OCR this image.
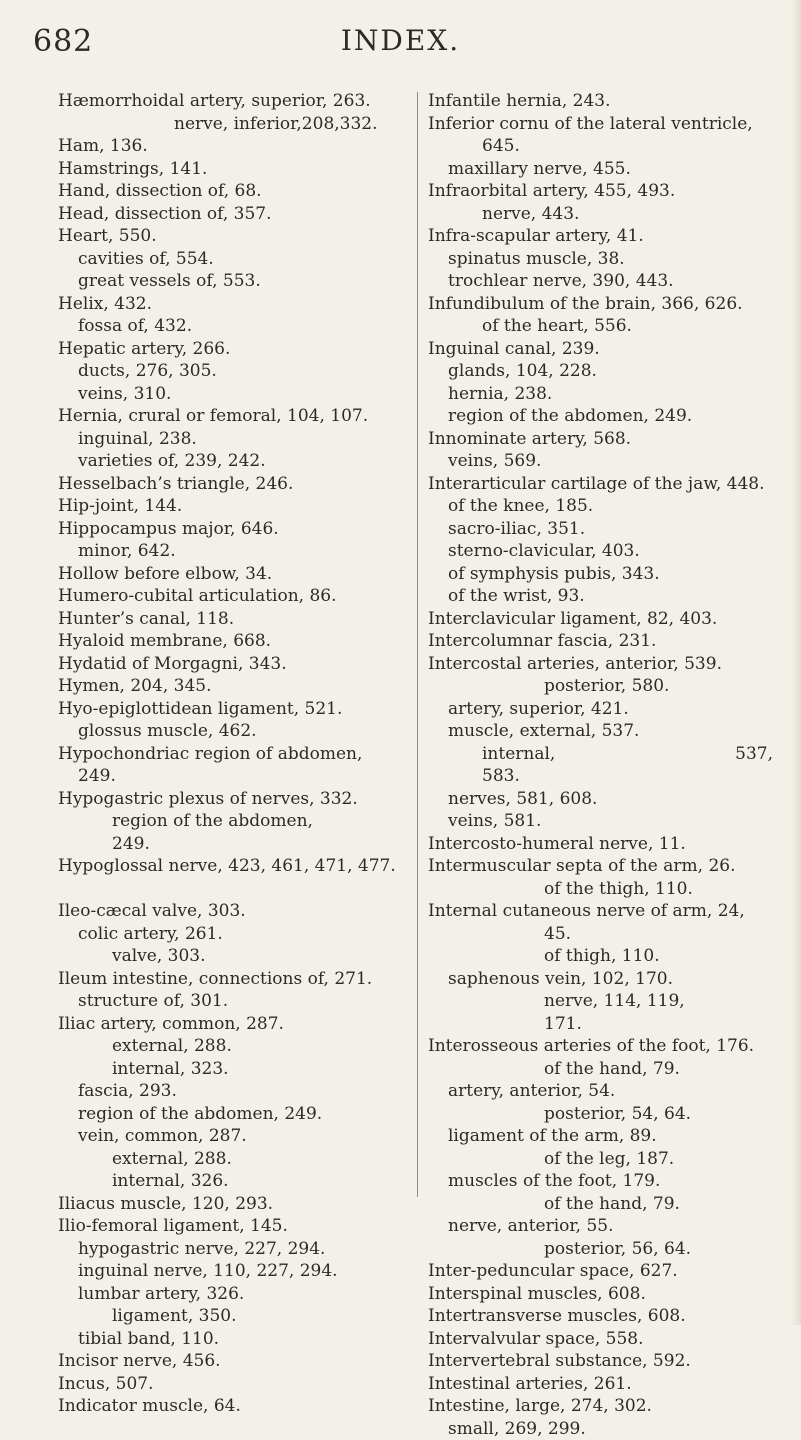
682	INDEX.
Hæmorrhoidal artery, superior, 263.
nerve, inferior,208,332.
Ham, 136.
Hamstrings, 141.
Hand, dissection of, 68.
Head, dissection of, 357.
Heart, 550.
cavities of, 554.
great vessels of, 553.
Helix, 432.
fossa of, 432.
Hepatic artery, 266.
ducts, 276, 305.
veins, 310.
Hernia, crural or femoral, 104, 107.
inguinal, 238.
varieties of, 239, 242.
Hesselbach’s triangle, 246.
Hip-joint, 144.
Hippocampus major, 646.
minor, 642.
Hollow before elbow, 34.
Humero-cubital articulation, 86.
Hunter’s canal, 118.
Hyaloid membrane, 668.
Hydatid of Morgagni, 343.
Hymen, 204, 345.
Hyo-epiglottidean ligament, 521.
glossus muscle, 462.
Hypochondriac region of abdomen,
249.
Hypogastric plexus of nerves, 332.
region of the abdomen,
249.
Hypoglossal nerve, 423, 461, 471, 477.
Ileo-cæcal valve, 303.
colic artery, 261.
valve, 303.
Ileum intestine, connections of, 271.
structure of, 301.
Iliac artery, common, 287.
external, 288.
internal, 323.
fascia, 293.
region of the abdomen, 249.
vein, common, 287.
external, 288.
internal, 326.
Iliacus muscle, 120, 293.
Ilio-femoral ligament, 145.
hypogastric nerve, 227, 294.
inguinal nerve, 110, 227, 294.
lumbar artery, 326.
ligament, 350.
tibial band, 110.
Incisor nerve, 456.
Incus, 507.
Indicator muscle, 64.
Infantile hernia, 243.
Inferior cornu of the lateral ventricle,
645.
maxillary nerve, 455.
Infraorbital artery, 455, 493.
nerve, 443.
Infra-scapular artery, 41.
spinatus muscle, 38.
trochlear nerve, 390, 443.
Infundibulum of the brain, 366, 626.
of the heart, 556.
Inguinal canal, 239.
glands, 104, 228.
hernia, 238.
region of the abdomen, 249.
Innominate artery, 568.
veins, 569.
Interarticular cartilage of the jaw, 448.
of the knee, 185.
sacro-iliac, 351.
sterno-clavicular, 403.
of symphysis pubis, 343.
of the wrist, 93.
Interclavicular ligament, 82, 403.
Intercolumnar fascia, 231.
Intercostal arteries, anterior, 539.
posterior, 580.
artery, superior, 421.
muscle, external, 537.
internal,	537,
583.
nerves, 581, 608.
veins, 581.
Intercosto-humeral nerve, 11.
Intermuscular septa of the arm, 26.
of the thigh, 110.
Internal cutaneous nerve of arm, 24,
45.
of thigh, 110.
saphenous vein, 102, 170.
nerve, 114, 119,
171.
Interosseous arteries of the foot, 176.
of the hand, 79.
artery, anterior, 54.
posterior, 54, 64.
ligament of the arm, 89.
of the leg, 187.
muscles of the foot, 179.
of the hand, 79.
nerve, anterior, 55.
posterior, 56, 64.
Inter-peduncular space, 627.
Interspinal muscles, 608.
Intertransverse muscles, 608.
Intervalvular space, 558.
Intervertebral substance, 592.
Intestinal arteries, 261.
Intestine, large, 274, 302.
small, 269, 299.
